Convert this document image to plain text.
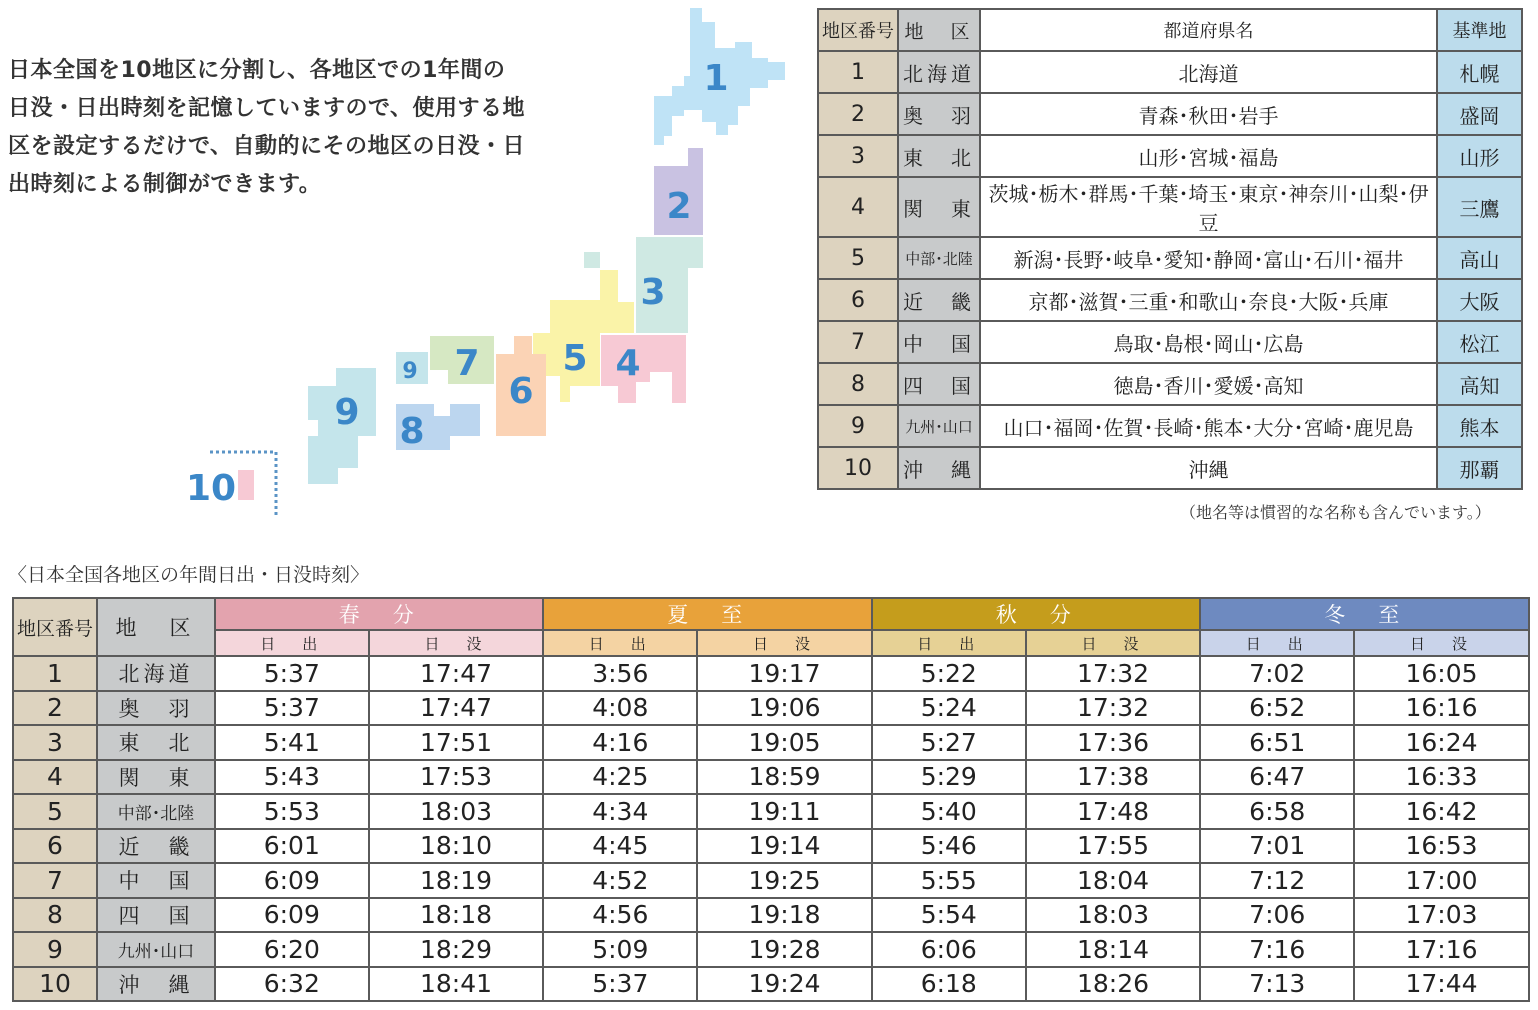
日本全国を10地区に分割し、各地区での1年間の
日没・日出時刻を記憶していますので、使用する地
区を設定するだけで、自動的にその地区の日没・日
出時刻による制御ができます。
1
2
3
4
5
6
7
9
8
9
10
地区番号	地　区	都道府県名	基準地
1	北海道	北海道	札幌
2	奥　羽	青森･秋田･岩手	盛岡
3	東　北	山形･宮城･福島	山形
4	関　東	茨城･栃木･群馬･千葉･埼玉･東京･神奈川･山梨･伊豆	三鷹
5	中部･北陸	新潟･長野･岐阜･愛知･静岡･富山･石川･福井	高山
6	近　畿	京都･滋賀･三重･和歌山･奈良･大阪･兵庫	大阪
7	中　国	鳥取･島根･岡山･広島	松江
8	四　国	徳島･香川･愛媛･高知	高知
9	九州･山口	山口･福岡･佐賀･長崎･熊本･大分･宮崎･鹿児島	熊本
10	沖　縄	沖縄	那覇
（地名等は慣習的な名称も含んでいます。）
〈日本全国各地区の年間日出・日没時刻〉
地区番号	地　区	春　分		夏　至		秋　分		冬　至	
		日　出	日　没	日　出	日　没	日　出	日　没	日　出	日　没
1	北海道	5:37	17:47	3:56	19:17	5:22	17:32	7:02	16:05
2	奥　羽	5:37	17:47	4:08	19:06	5:24	17:32	6:52	16:16
3	東　北	5:41	17:51	4:16	19:05	5:27	17:36	6:51	16:24
4	関　東	5:43	17:53	4:25	18:59	5:29	17:38	6:47	16:33
5	中部･北陸	5:53	18:03	4:34	19:11	5:40	17:48	6:58	16:42
6	近　畿	6:01	18:10	4:45	19:14	5:46	17:55	7:01	16:53
7	中　国	6:09	18:19	4:52	19:25	5:55	18:04	7:12	17:00
8	四　国	6:09	18:18	4:56	19:18	5:54	18:03	7:06	17:03
9	九州･山口	6:20	18:29	5:09	19:28	6:06	18:14	7:16	17:16
10	沖　縄	6:32	18:41	5:37	19:24	6:18	18:26	7:13	17:44
